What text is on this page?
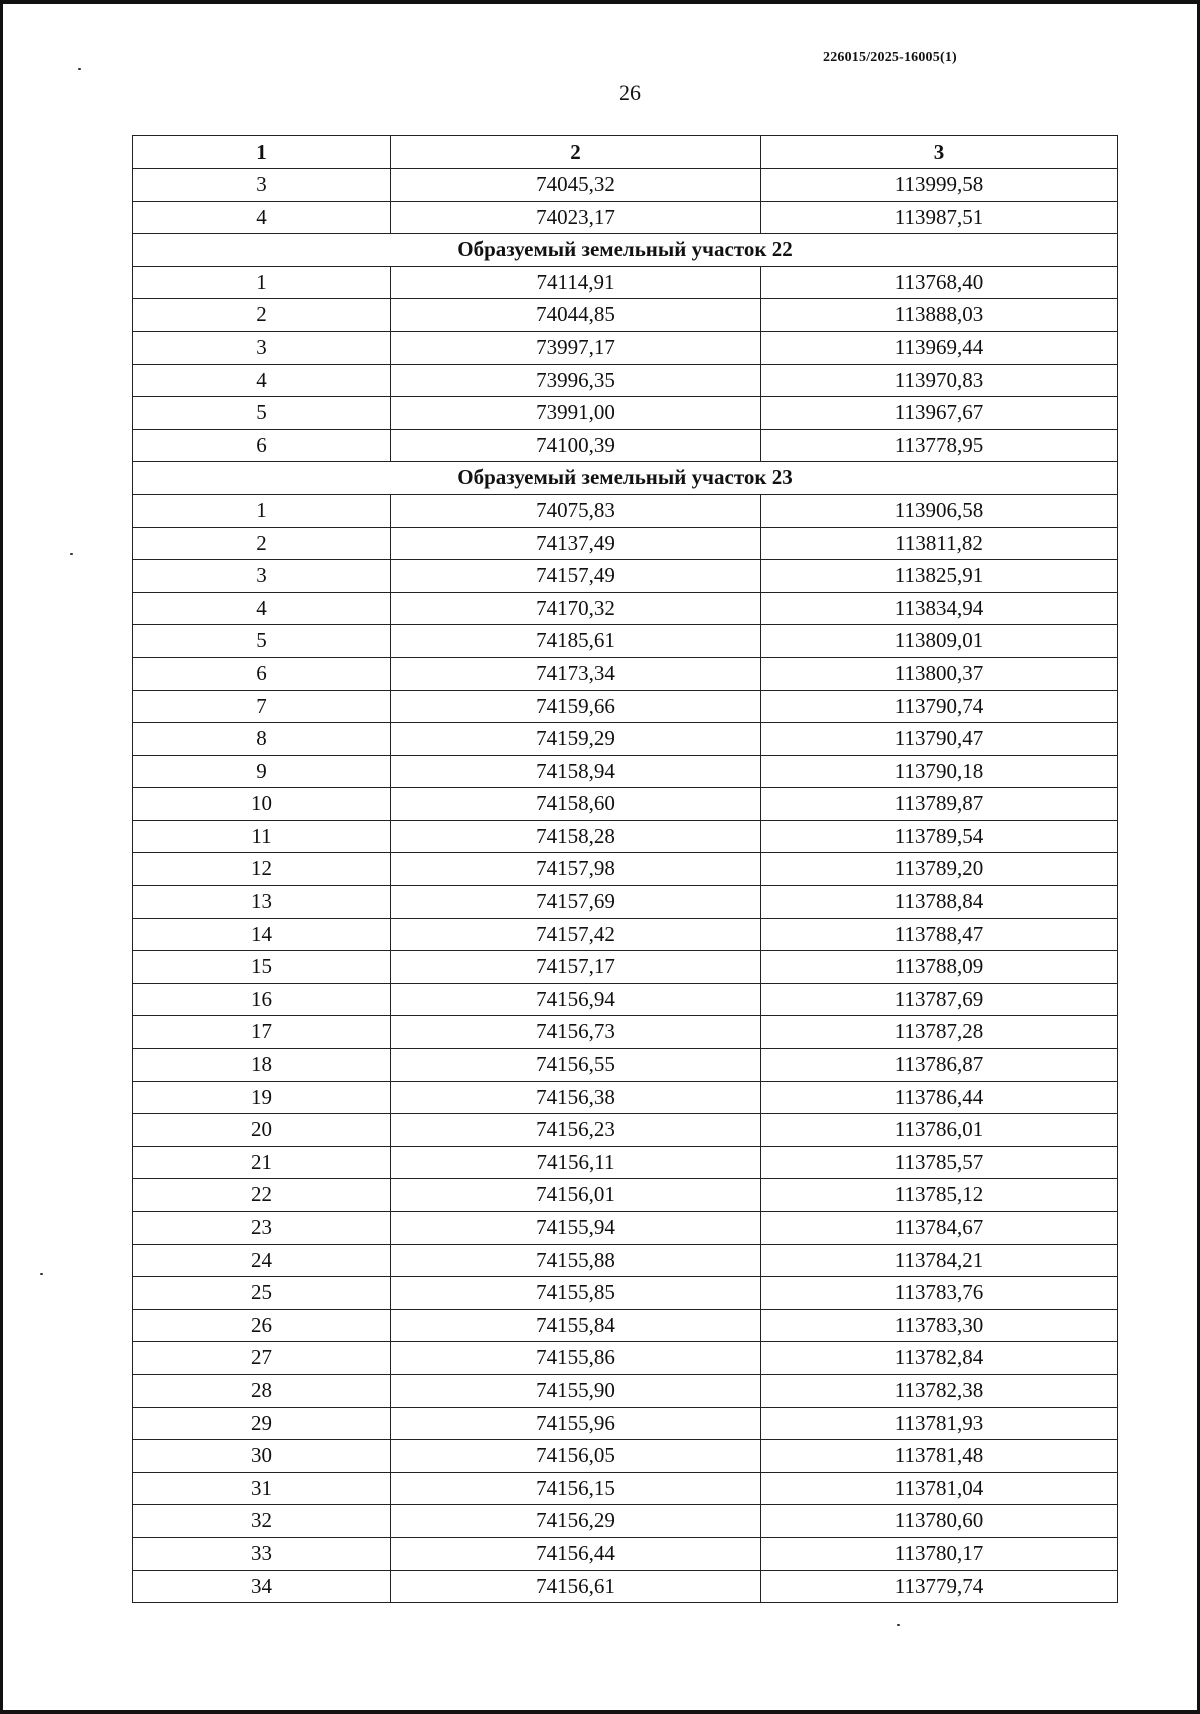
226015/2025-16005(1)
26
1	2	3
3	74045,32	113999,58
4	74023,17	113987,51
Образуемый земельный участок 22		
1	74114,91	113768,40
2	74044,85	113888,03
3	73997,17	113969,44
4	73996,35	113970,83
5	73991,00	113967,67
6	74100,39	113778,95
Образуемый земельный участок 23		
1	74075,83	113906,58
2	74137,49	113811,82
3	74157,49	113825,91
4	74170,32	113834,94
5	74185,61	113809,01
6	74173,34	113800,37
7	74159,66	113790,74
8	74159,29	113790,47
9	74158,94	113790,18
10	74158,60	113789,87
11	74158,28	113789,54
12	74157,98	113789,20
13	74157,69	113788,84
14	74157,42	113788,47
15	74157,17	113788,09
16	74156,94	113787,69
17	74156,73	113787,28
18	74156,55	113786,87
19	74156,38	113786,44
20	74156,23	113786,01
21	74156,11	113785,57
22	74156,01	113785,12
23	74155,94	113784,67
24	74155,88	113784,21
25	74155,85	113783,76
26	74155,84	113783,30
27	74155,86	113782,84
28	74155,90	113782,38
29	74155,96	113781,93
30	74156,05	113781,48
31	74156,15	113781,04
32	74156,29	113780,60
33	74156,44	113780,17
34	74156,61	113779,74
